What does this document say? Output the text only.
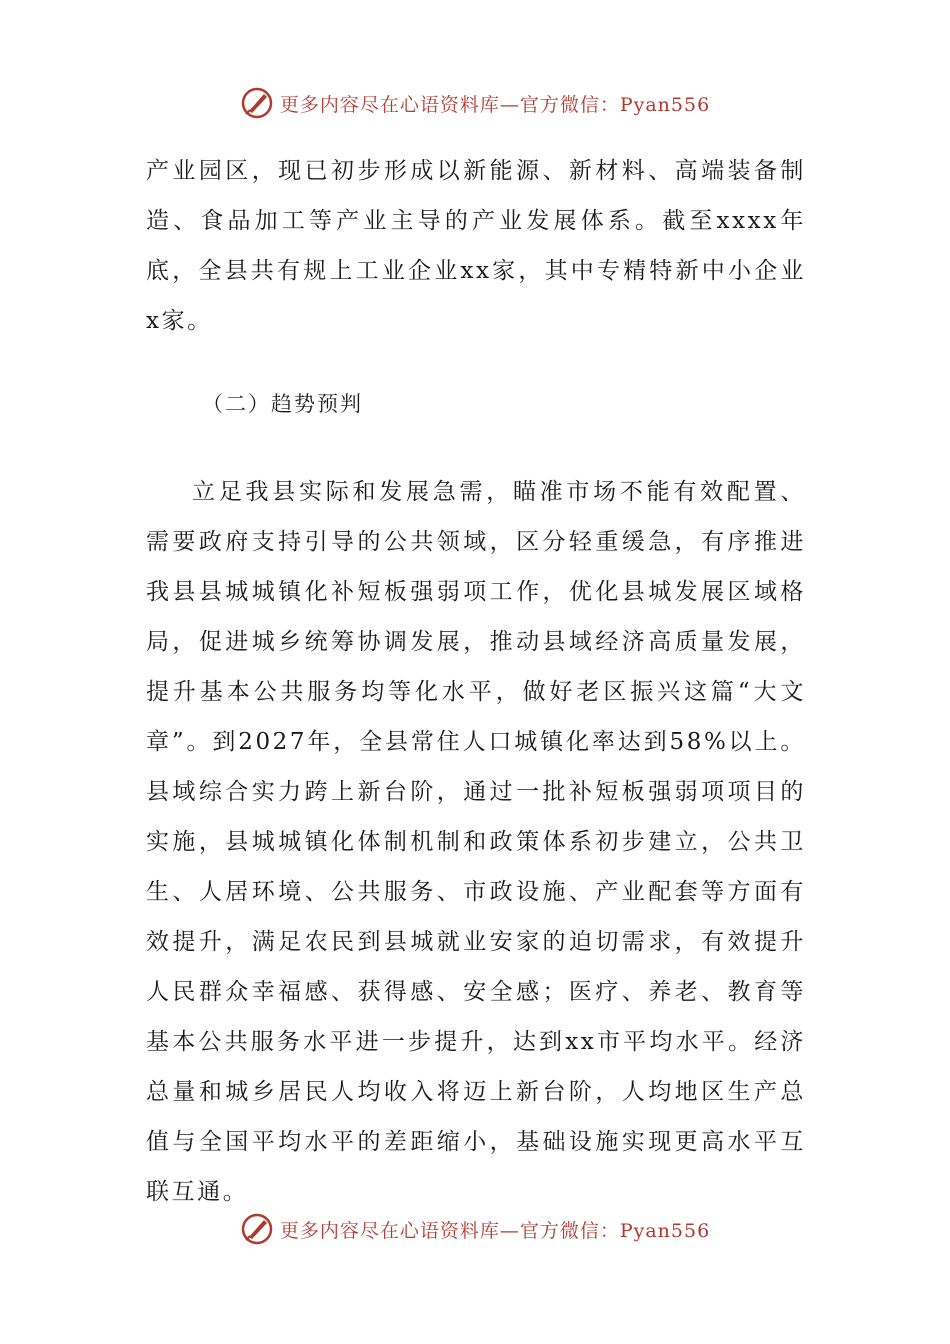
更多内容尽在心语资料库—官方微信：Pyan556

产业园区，现已初步形成以新能源、新材料、高端装备制造、食品加工等产业主导的产业发展体系。截至xxxx年底，全县共有规上工业企业xx家，其中专精特新中小企业x家。

（二）趋势预判

立足我县实际和发展急需，瞄准市场不能有效配置、需要政府支持引导的公共领域，区分轻重缓急，有序推进我县县城城镇化补短板强弱项工作，优化县城发展区域格局，促进城乡统筹协调发展，推动县域经济高质量发展，提升基本公共服务均等化水平，做好老区振兴这篇“大文章”。到2027年，全县常住人口城镇化率达到58%以上。县域综合实力跨上新台阶，通过一批补短板强弱项项目的实施，县城城镇化体制机制和政策体系初步建立，公共卫生、人居环境、公共服务、市政设施、产业配套等方面有效提升，满足农民到县城就业安家的迫切需求，有效提升人民群众幸福感、获得感、安全感；医疗、养老、教育等基本公共服务水平进一步提升，达到xx市平均水平。经济总量和城乡居民人均收入将迈上新台阶，人均地区生产总值与全国平均水平的差距缩小，基础设施实现更高水平互联互通。

更多内容尽在心语资料库—官方微信：Pyan556
